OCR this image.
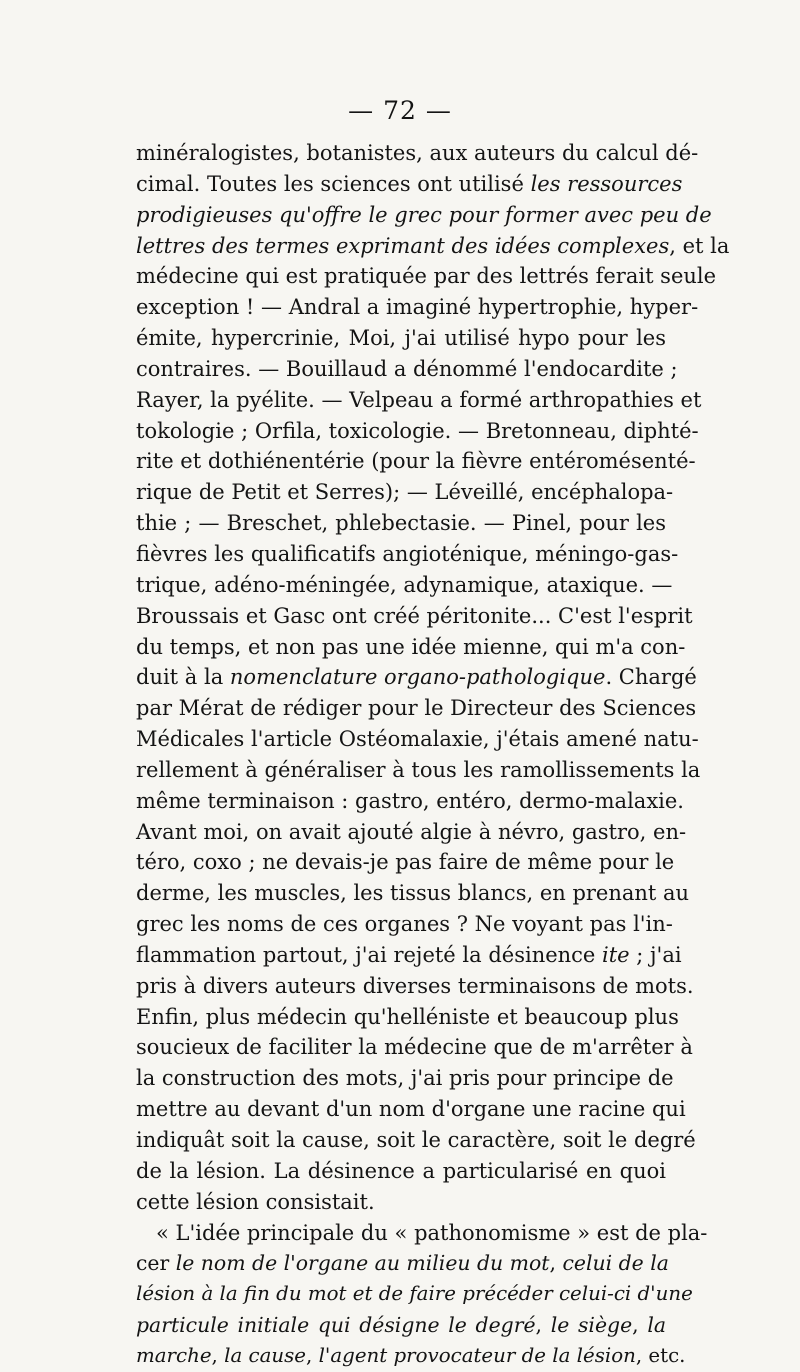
— 72 —
minéralogistes, botanistes, aux auteurs du calcul dé-
cimal. Toutes les sciences ont utilisé les ressources
prodigieuses qu'offre le grec pour former avec peu de
lettres des termes exprimant des idées complexes, et la
médecine qui est pratiquée par des lettrés ferait seule
exception ! — Andral a imaginé hypertrophie, hyper-
émite, hypercrinie, Moi, j'ai utilisé hypo pour les
contraires. — Bouillaud a dénommé l'endocardite ;
Rayer, la pyélite. — Velpeau a formé arthropathies et
tokologie ; Orfila, toxicologie. — Bretonneau, diphté-
rite et dothiénentérie (pour la fièvre entéromésenté-
rique de Petit et Serres); — Léveillé, encéphalopa-
thie ; — Breschet, phlebectasie. — Pinel, pour les
fièvres les qualificatifs angioténique, méningo-gas-
trique, adéno-méningée, adynamique, ataxique. —
Broussais et Gasc ont créé péritonite... C'est l'esprit
du temps, et non pas une idée mienne, qui m'a con-
duit à la nomenclature organo-pathologique. Chargé
par Mérat de rédiger pour le Directeur des Sciences
Médicales l'article Ostéomalaxie, j'étais amené natu-
rellement à généraliser à tous les ramollissements la
même terminaison : gastro, entéro, dermo-malaxie.
Avant moi, on avait ajouté algie à névro, gastro, en-
téro, coxo ; ne devais-je pas faire de même pour le
derme, les muscles, les tissus blancs, en prenant au
grec les noms de ces organes ? Ne voyant pas l'in-
flammation partout, j'ai rejeté la désinence ite ; j'ai
pris à divers auteurs diverses terminaisons de mots.
Enfin, plus médecin qu'helléniste et beaucoup plus
soucieux de faciliter la médecine que de m'arrêter à
la construction des mots, j'ai pris pour principe de
mettre au devant d'un nom d'organe une racine qui
indiquât soit la cause, soit le caractère, soit le degré
de la lésion. La désinence a particularisé en quoi
cette lésion consistait.
« L'idée principale du « pathonomisme » est de pla-
cer le nom de l'organe au milieu du mot, celui de la
lésion à la fin du mot et de faire précéder celui-ci d'une
particule initiale qui désigne le degré, le siège, la
marche, la cause, l'agent provocateur de la lésion, etc.
